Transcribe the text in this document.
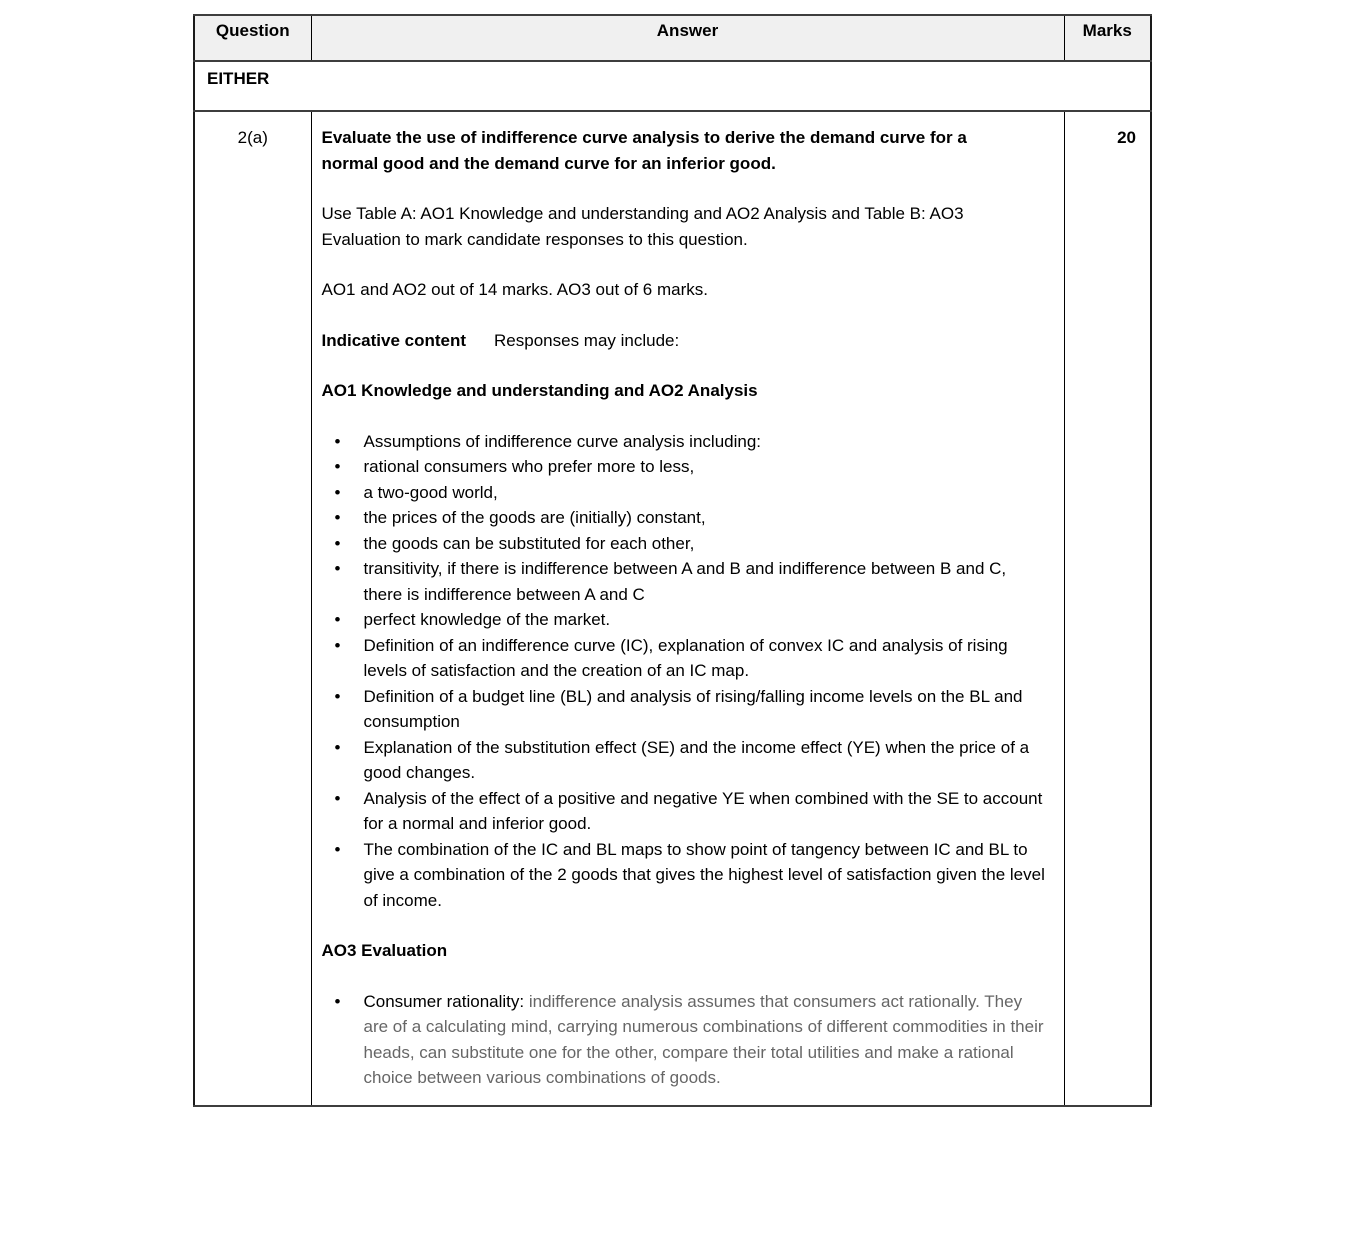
Question	Answer	Marks
EITHER		
2(a)	Evaluate the use of indifference curve analysis to derive the demand curve for a normal good and the demand curve for an inferior good.

Use Table A: AO1 Knowledge and understanding and AO2 Analysis and Table B: AO3 Evaluation to mark candidate responses to this question.

AO1 and AO2 out of 14 marks. AO3 out of 6 marks.

Indicative content Responses may include:

AO1 Knowledge and understanding and AO2 Analysis
• Assumptions of indifference curve analysis including:
• rational consumers who prefer more to less,
• a two-good world,
• the prices of the goods are (initially) constant,
• the goods can be substituted for each other,
• transitivity, if there is indifference between A and B and indifference between B and C, there is indifference between A and C
• perfect knowledge of the market.
• Definition of an indifference curve (IC), explanation of convex IC and analysis of rising levels of satisfaction and the creation of an IC map.
• Definition of a budget line (BL) and analysis of rising/falling income levels on the BL and consumption
• Explanation of the substitution effect (SE) and the income effect (YE) when the price of a good changes.
• Analysis of the effect of a positive and negative YE when combined with the SE to account for a normal and inferior good.
• The combination of the IC and BL maps to show point of tangency between IC and BL to give a combination of the 2 goods that gives the highest level of satisfaction given the level of income.
AO3 Evaluation
• Consumer rationality: indifference analysis assumes that consumers act rationally. They are of a calculating mind, carrying numerous combinations of different commodities in their heads, can substitute one for the other, compare their total utilities and make a rational choice between various combinations of goods.
	20
